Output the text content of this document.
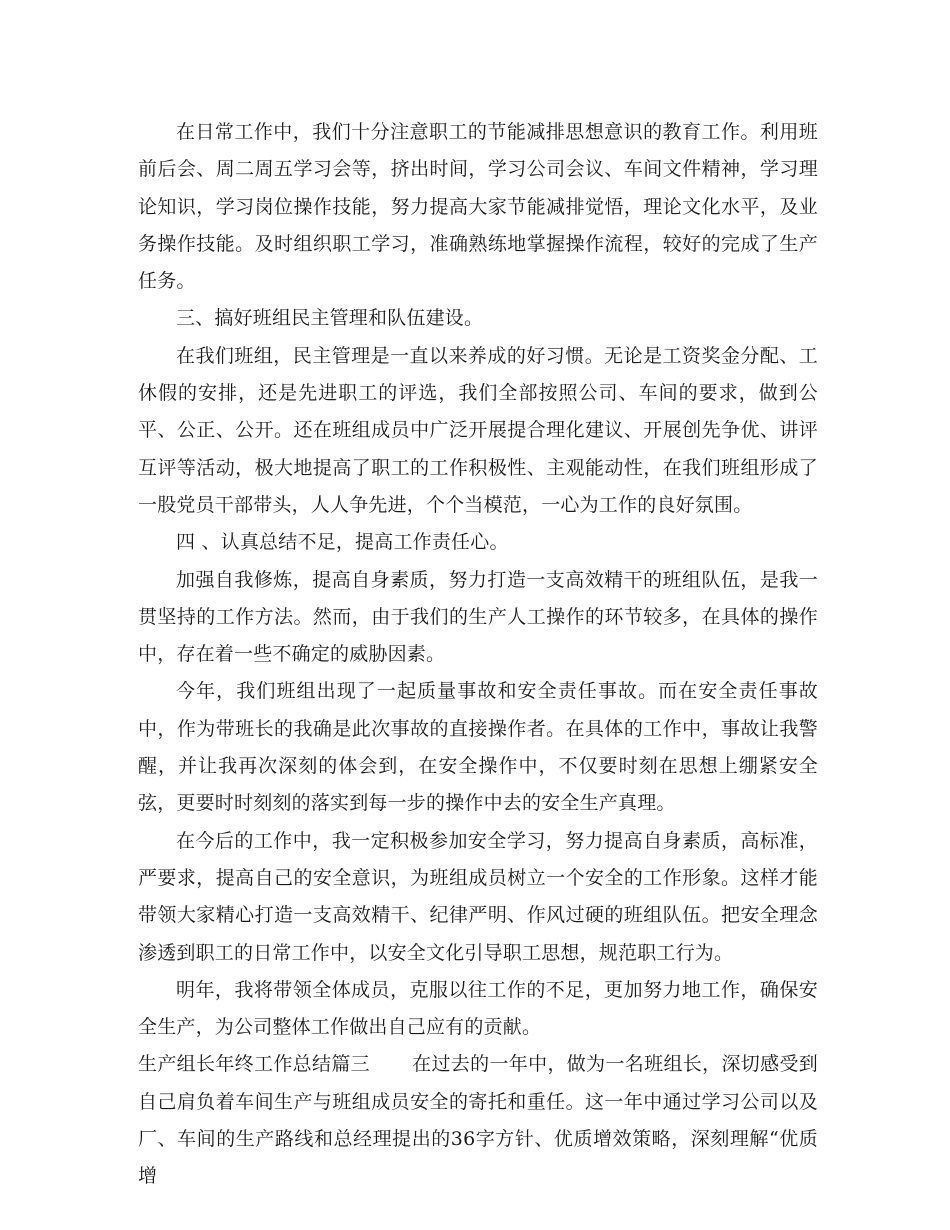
在日常工作中，我们十分注意职工的节能减排思想意识的教育工作。利用班前后会、周二周五学习会等，挤出时间，学习公司会议、车间文件精神，学习理论知识，学习岗位操作技能，努力提高大家节能减排觉悟，理论文化水平，及业务操作技能。及时组织职工学习，准确熟练地掌握操作流程，较好的完成了生产任务。

三、搞好班组民主管理和队伍建设。

在我们班组，民主管理是一直以来养成的好习惯。无论是工资奖金分配、工休假的安排，还是先进职工的评选，我们全部按照公司、车间的要求，做到公平、公正、公开。还在班组成员中广泛开展提合理化建议、开展创先争优、讲评互评等活动，极大地提高了职工的工作积极性、主观能动性，在我们班组形成了一股党员干部带头，人人争先进，个个当模范，一心为工作的良好氛围。

四 、认真总结不足，提高工作责任心。

加强自我修炼，提高自身素质，努力打造一支高效精干的班组队伍，是我一贯坚持的工作方法。然而，由于我们的生产人工操作的环节较多，在具体的操作中，存在着一些不确定的威胁因素。

今年，我们班组出现了一起质量事故和安全责任事故。而在安全责任事故中，作为带班长的我确是此次事故的直接操作者。在具体的工作中，事故让我警醒，并让我再次深刻的体会到，在安全操作中，不仅要时刻在思想上绷紧安全弦，更要时时刻刻的落实到每一步的操作中去的安全生产真理。

在今后的工作中，我一定积极参加安全学习，努力提高自身素质，高标准，严要求，提高自己的安全意识，为班组成员树立一个安全的工作形象。这样才能带领大家精心打造一支高效精干、纪律严明、作风过硬的班组队伍。把安全理念渗透到职工的日常工作中，以安全文化引导职工思想，规范职工行为。

明年，我将带领全体成员，克服以往工作的不足，更加努力地工作，确保安全生产，为公司整体工作做出自己应有的贡献。

生产组长年终工作总结篇三 在过去的一年中，做为一名班组长，深切感受到自己肩负着车间生产与班组成员安全的寄托和重任。这一年中通过学习公司以及厂、车间的生产路线和总经理提出的36字方针、优质增效策略，深刻理解“优质增
